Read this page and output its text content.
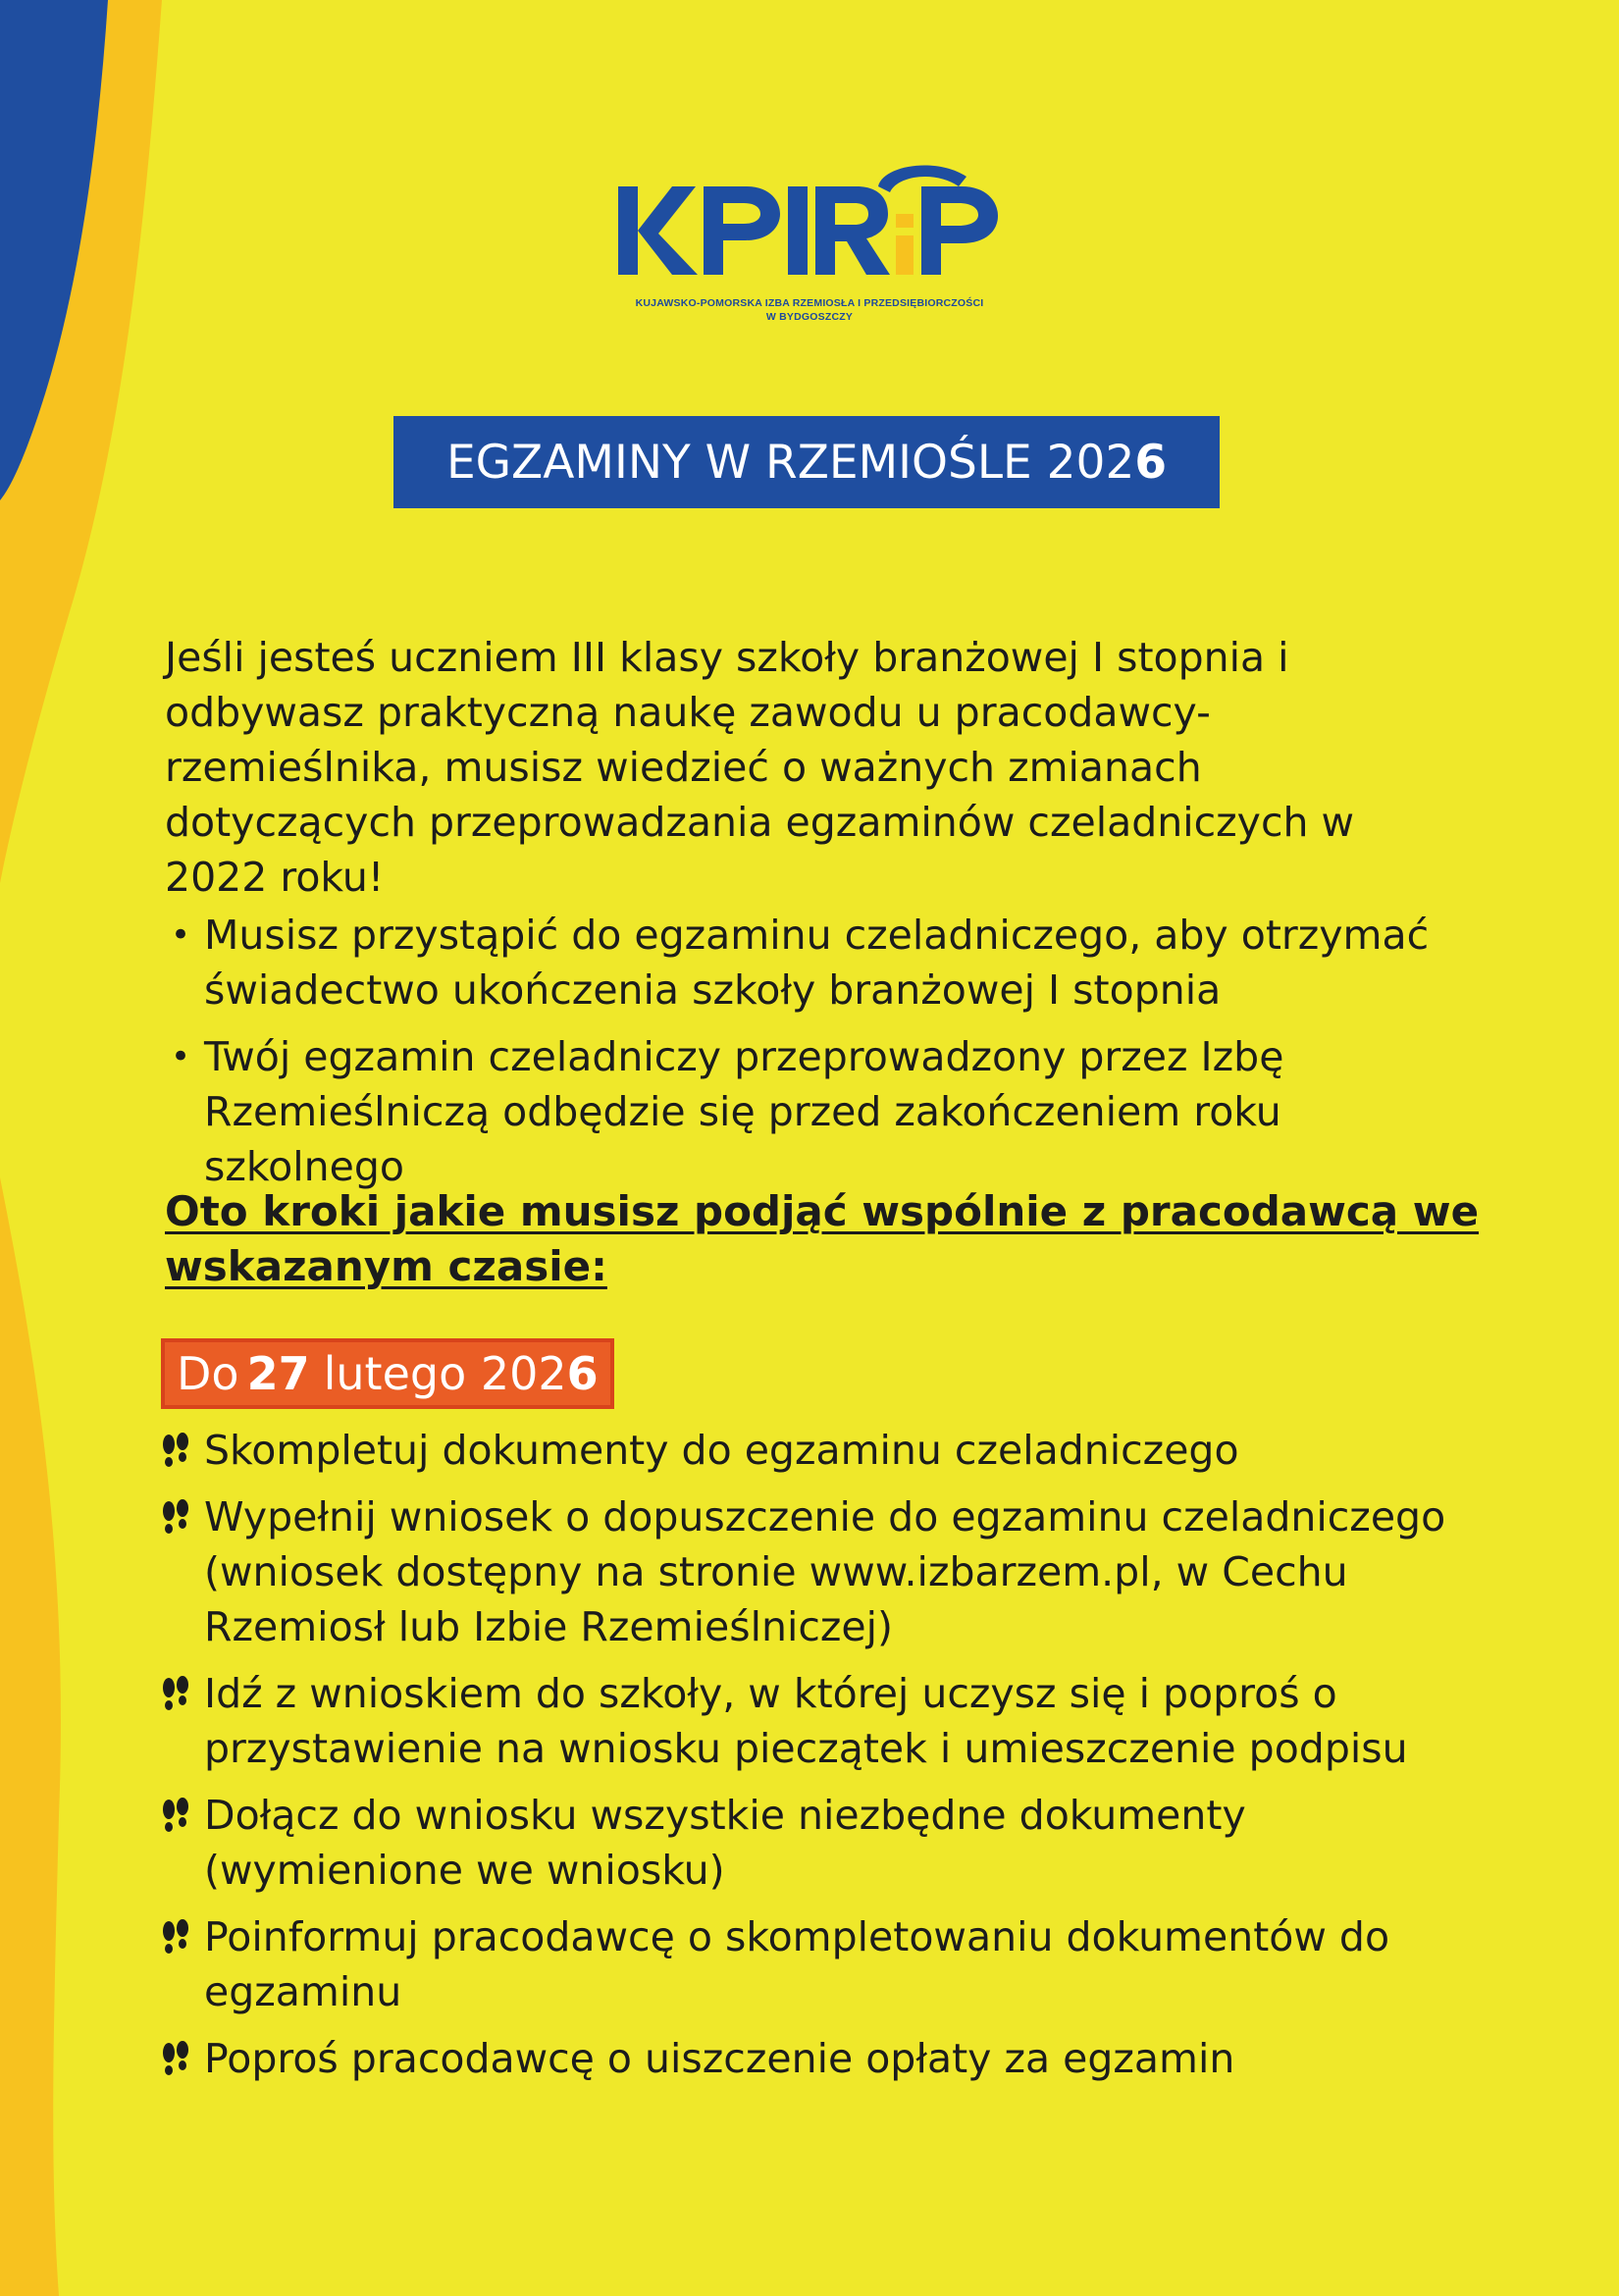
KUJAWSKO-POMORSKA IZBA RZEMIOSŁA I PRZEDSIĘBIORCZOŚCI
W BYDGOSZCZY
EGZAMINY W RZEMIOŚLE 202 6

Jeśli jesteś uczniem III klasy szkoły branżowej I stopnia i odbywasz praktyczną naukę zawodu u pracodawcy-rzemieślnika, musisz wiedzieć o ważnych zmianach dotyczących przeprowadzania egzaminów czeladniczych w 2022 roku!

• Musisz przystąpić do egzaminu czeladniczego, aby otrzymać świadectwo ukończenia szkoły branżowej I stopnia
• Twój egzamin czeladniczy przeprowadzony przez Izbę Rzemieślniczą odbędzie się przed zakończeniem roku szkolnego

Oto kroki jakie musisz podjąć wspólnie z pracodawcą we wskazanym czasie:

Do 27 lutego 202 6
Skompletuj dokumenty do egzaminu czeladniczego
Wypełnij wniosek o dopuszczenie do egzaminu czeladniczego (wniosek dostępny na stronie www.izbarzem.pl, w Cechu Rzemiosł lub Izbie Rzemieślniczej)
Idź z wnioskiem do szkoły, w której uczysz się i poproś o przystawienie na wniosku pieczątek i umieszczenie podpisu
Dołącz do wniosku wszystkie niezbędne dokumenty (wymienione we wniosku)
Poinformuj pracodawcę o skompletowaniu dokumentów do egzaminu
Poproś pracodawcę o uiszczenie opłaty za egzamin
